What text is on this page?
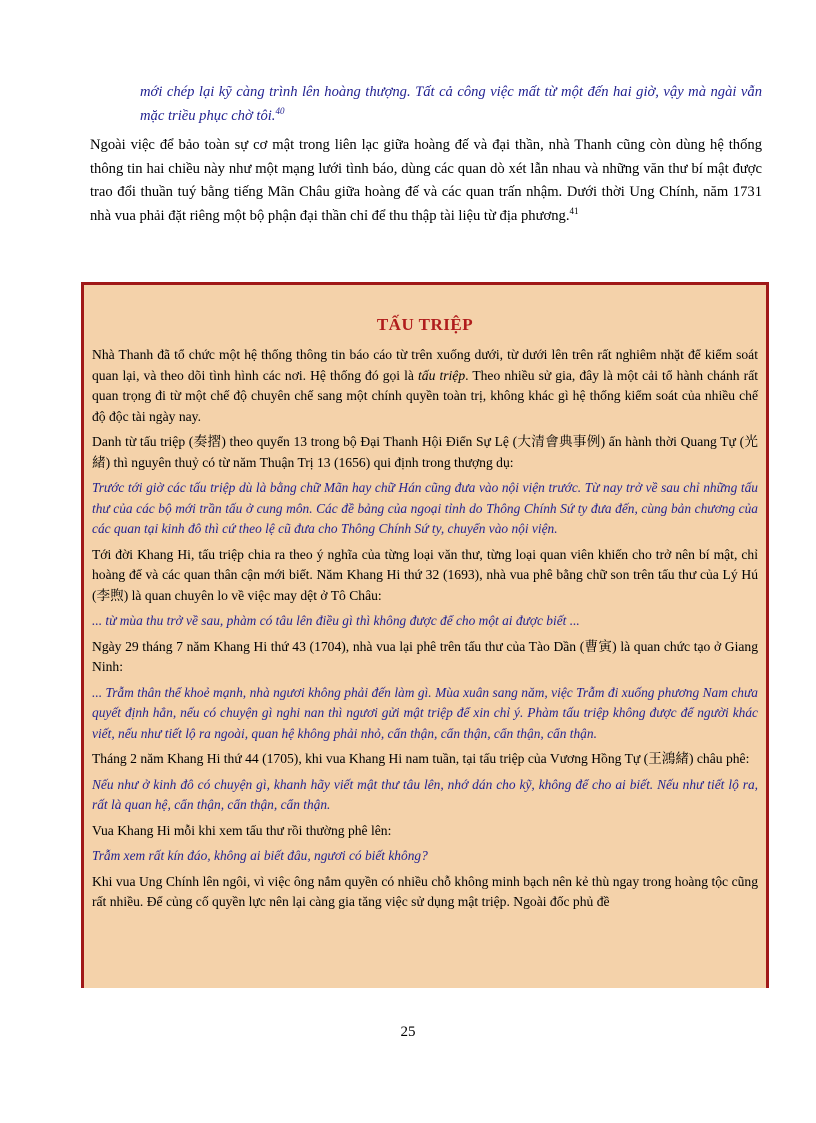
mới chép lại kỹ càng trình lên hoàng thượng. Tất cả công việc mất từ một đến hai giờ, vậy mà ngài vẫn mặc triều phục chờ tôi.$^{40}$

Ngoài việc để bảo toàn sự cơ mật trong liên lạc giữa hoàng đế và đại thần, nhà Thanh cũng còn dùng hệ thống thông tin hai chiều này như một mạng lưới tình báo, dùng các quan dò xét lẫn nhau và những văn thư bí mật được trao đổi thuần tuý bằng tiếng Mãn Châu giữa hoàng đế và các quan trấn nhậm. Dưới thời Ung Chính, năm 1731 nhà vua phải đặt riêng một bộ phận đại thần chỉ để thu thập tài liệu từ địa phương.$^{41}$

TẤU TRIỆP

Nhà Thanh đã tổ chức một hệ thống thông tin báo cáo từ trên xuống dưới, từ dưới lên trên rất nghiêm nhặt để kiểm soát quan lại, và theo dõi tình hình các nơi. Hệ thống đó gọi là tấu triệp. Theo nhiều sử gia, đây là một cải tổ hành chánh rất quan trọng đi từ một chế độ chuyên chế sang một chính quyền toàn trị, không khác gì hệ thống kiểm soát của nhiều chế độ độc tài ngày nay.

Danh từ tấu triệp (奏摺) theo quyển 13 trong bộ Đại Thanh Hội Điển Sự Lệ (大清會典事例) ấn hành thời Quang Tự (光緒) thì nguyên thuỷ có từ năm Thuận Trị 13 (1656) qui định trong thượng dụ:

Trước tới giờ các tấu triệp dù là bằng chữ Mãn hay chữ Hán cũng đưa vào nội viện trước. Từ nay trở về sau chỉ những tấu thư của các bộ mới trần tấu ở cung môn. Các đề bảng của ngoại tỉnh do Thông Chính Sứ ty đưa đến, cùng bản chương của các quan tại kinh đô thì cứ theo lệ cũ đưa cho Thông Chính Sứ ty, chuyển vào nội viện.

Tới đời Khang Hi, tấu triệp chia ra theo ý nghĩa của từng loại văn thư, từng loại quan viên khiến cho trở nên bí mật, chỉ hoàng đế và các quan thân cận mới biết. Năm Khang Hi thứ 32 (1693), nhà vua phê bằng chữ son trên tấu thư của Lý Hú (李煦) là quan chuyên lo về việc may dệt ở Tô Châu:

... từ mùa thu trở về sau, phàm có tâu lên điều gì thì không được để cho một ai được biết ...

Ngày 29 tháng 7 năm Khang Hi thứ 43 (1704), nhà vua lại phê trên tấu thư của Tào Dần (曹寅) là quan chức tạo ở Giang Ninh:

... Trẫm thân thể khoẻ mạnh, nhà ngươi không phải đến làm gì. Mùa xuân sang năm, việc Trẫm đi xuống phương Nam chưa quyết định hẳn, nếu có chuyện gì nghi nan thì ngươi gửi mật triệp để xin chỉ ý. Phàm tấu triệp không được để người khác viết, nếu như tiết lộ ra ngoài, quan hệ không phải nhỏ, cẩn thận, cẩn thận, cẩn thận, cẩn thận.

Tháng 2 năm Khang Hi thứ 44 (1705), khi vua Khang Hi nam tuần, tại tấu triệp của Vương Hồng Tự (王鴻緒) châu phê:

Nếu như ở kinh đô có chuyện gì, khanh hãy viết mật thư tâu lên, nhớ dán cho kỹ, không để cho ai biết. Nếu như tiết lộ ra, rất là quan hệ, cẩn thận, cẩn thận, cẩn thận.

Vua Khang Hi mỗi khi xem tấu thư rồi thường phê lên:

Trẫm xem rất kín đáo, không ai biết đâu, ngươi có biết không?

Khi vua Ung Chính lên ngôi, vì việc ông nắm quyền có nhiều chỗ không minh bạch nên kẻ thù ngay trong hoàng tộc cũng rất nhiều. Để củng cố quyền lực nên lại càng gia tăng việc sử dụng mật triệp. Ngoài đốc phủ đề

25
